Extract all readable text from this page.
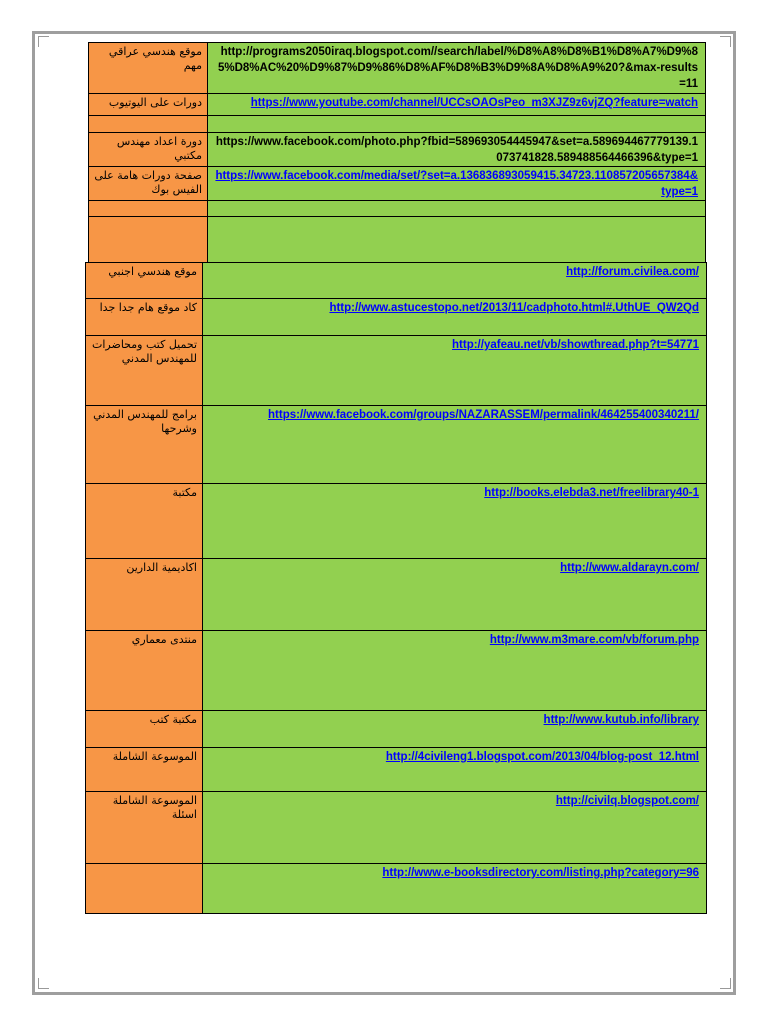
موقع هندسي عراقي مهم	http://programs2050iraq.blogspot.com//search/label/%D8%A8%D8%B1%D8%A7%D9%85%D8%AC%20%D9%87%D9%86%D8%AF%D8%B3%D9%8A%D8%A9%20?&max-results=11
دورات على اليوتيوب	https://www.youtube.com/channel/UCCsOAOsPeo_m3XJZ9z6vjZQ?feature=watch

دورة اعداد مهندس مكتبي	https://www.facebook.com/photo.php?fbid=589693054445947&set=a.589694467779139.1073741828.589488564466396&type=1
صفحة دورات هامة على الفيس بوك	https://www.facebook.com/media/set/?set=a.136836893059415.34723.110857205657384&type=1

موقع هندسي اجنبي	http://forum.civilea.com/
كاد موقع هام جدا جدا	http://www.astucestopo.net/2013/11/cadphoto.html#.UthUE_QW2Qd
تحميل كتب ومحاضرات للمهندس المدني	http://yafeau.net/vb/showthread.php?t=54771
برامج للمهندس المدني وشرحها	https://www.facebook.com/groups/NAZARASSEM/permalink/464255400340211/
مكتبة	http://books.elebda3.net/freelibrary40-1
اكاديمية الدارين	http://www.aldarayn.com/
منتدى معماري	http://www.m3mare.com/vb/forum.php
مكتبة كتب	http://www.kutub.info/library
الموسوعة الشاملة	http://4civileng1.blogspot.com/2013/04/blog-post_12.html
الموسوعة الشاملة اسئلة	http://civilq.blogspot.com/
	http://www.e-booksdirectory.com/listing.php?category=96
